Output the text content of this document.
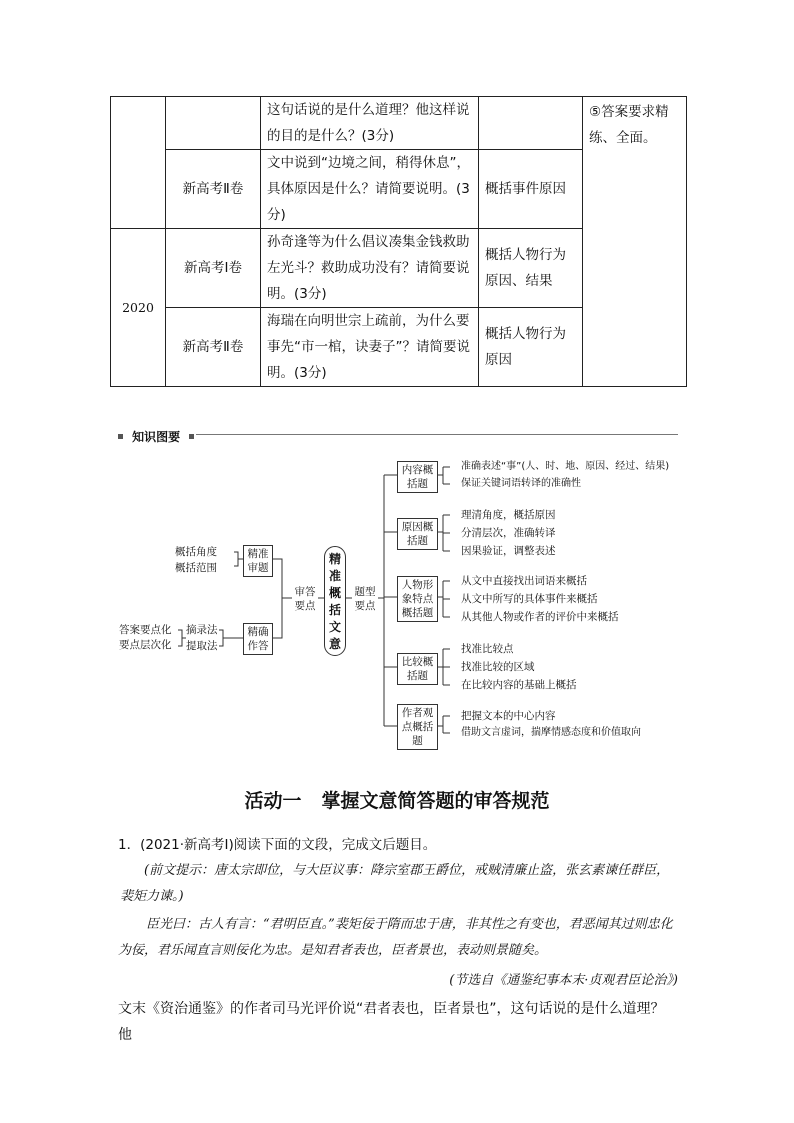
		这句话说的是什么道理？他这样说的目的是什么？(3分)		⑤答案要求精练、全面。
	新高考Ⅱ卷	文中说到“边境之间，稍得休息”，具体原因是什么？请简要说明。(3分)	概括事件原因	
2020	新高考Ⅰ卷	孙奇逢等为什么倡议凑集金钱救助左光斗？救助成功没有？请简要说明。(3分)	概括人物行为原因、结果	
	新高考Ⅱ卷	海瑞在向明世宗上疏前，为什么要事先“市一棺，诀妻子”？请简要说明。(3分)	概括人物行为原因	
知识图要
概括角度
概括范围
答案要点化
要点层次化
摘录法
提取法
精准审题
精确作答
审答要点
精准概括文意
题型要点
内容概括题
原因概括题
人物形象特点概括题
比较概括题
作者观点概括题
准确表述“事”(人、时、地、原因、经过、结果)
保证关键词语转译的准确性
理清角度，概括原因
分清层次，准确转译
因果验证，调整表述
从文中直接找出词语来概括
从文中所写的具体事件来概括
从其他人物或作者的评价中来概括
找准比较点
找准比较的区域
在比较内容的基础上概括
把握文本的中心内容
借助文言虚词，揣摩情感态度和价值取向
活动一 掌握文意简答题的审答规范
1．(2021·新高考Ⅰ)阅读下面的文段，完成文后题目。
(前文提示：唐太宗即位，与大臣议事：降宗室郡王爵位，戒贼清廉止盗，张玄素谏任群臣，裴矩力谏。)
臣光曰：古人有言：“君明臣直。”裴矩佞于隋而忠于唐，非其性之有变也，君恶闻其过则忠化为佞，君乐闻直言则佞化为忠。是知君者表也，臣者景也，表动则景随矣。
(节选自《通鉴纪事本末·贞观君臣论治》)
文末《资治通鉴》的作者司马光评价说“君者表也，臣者景也”，这句话说的是什么道理？他
